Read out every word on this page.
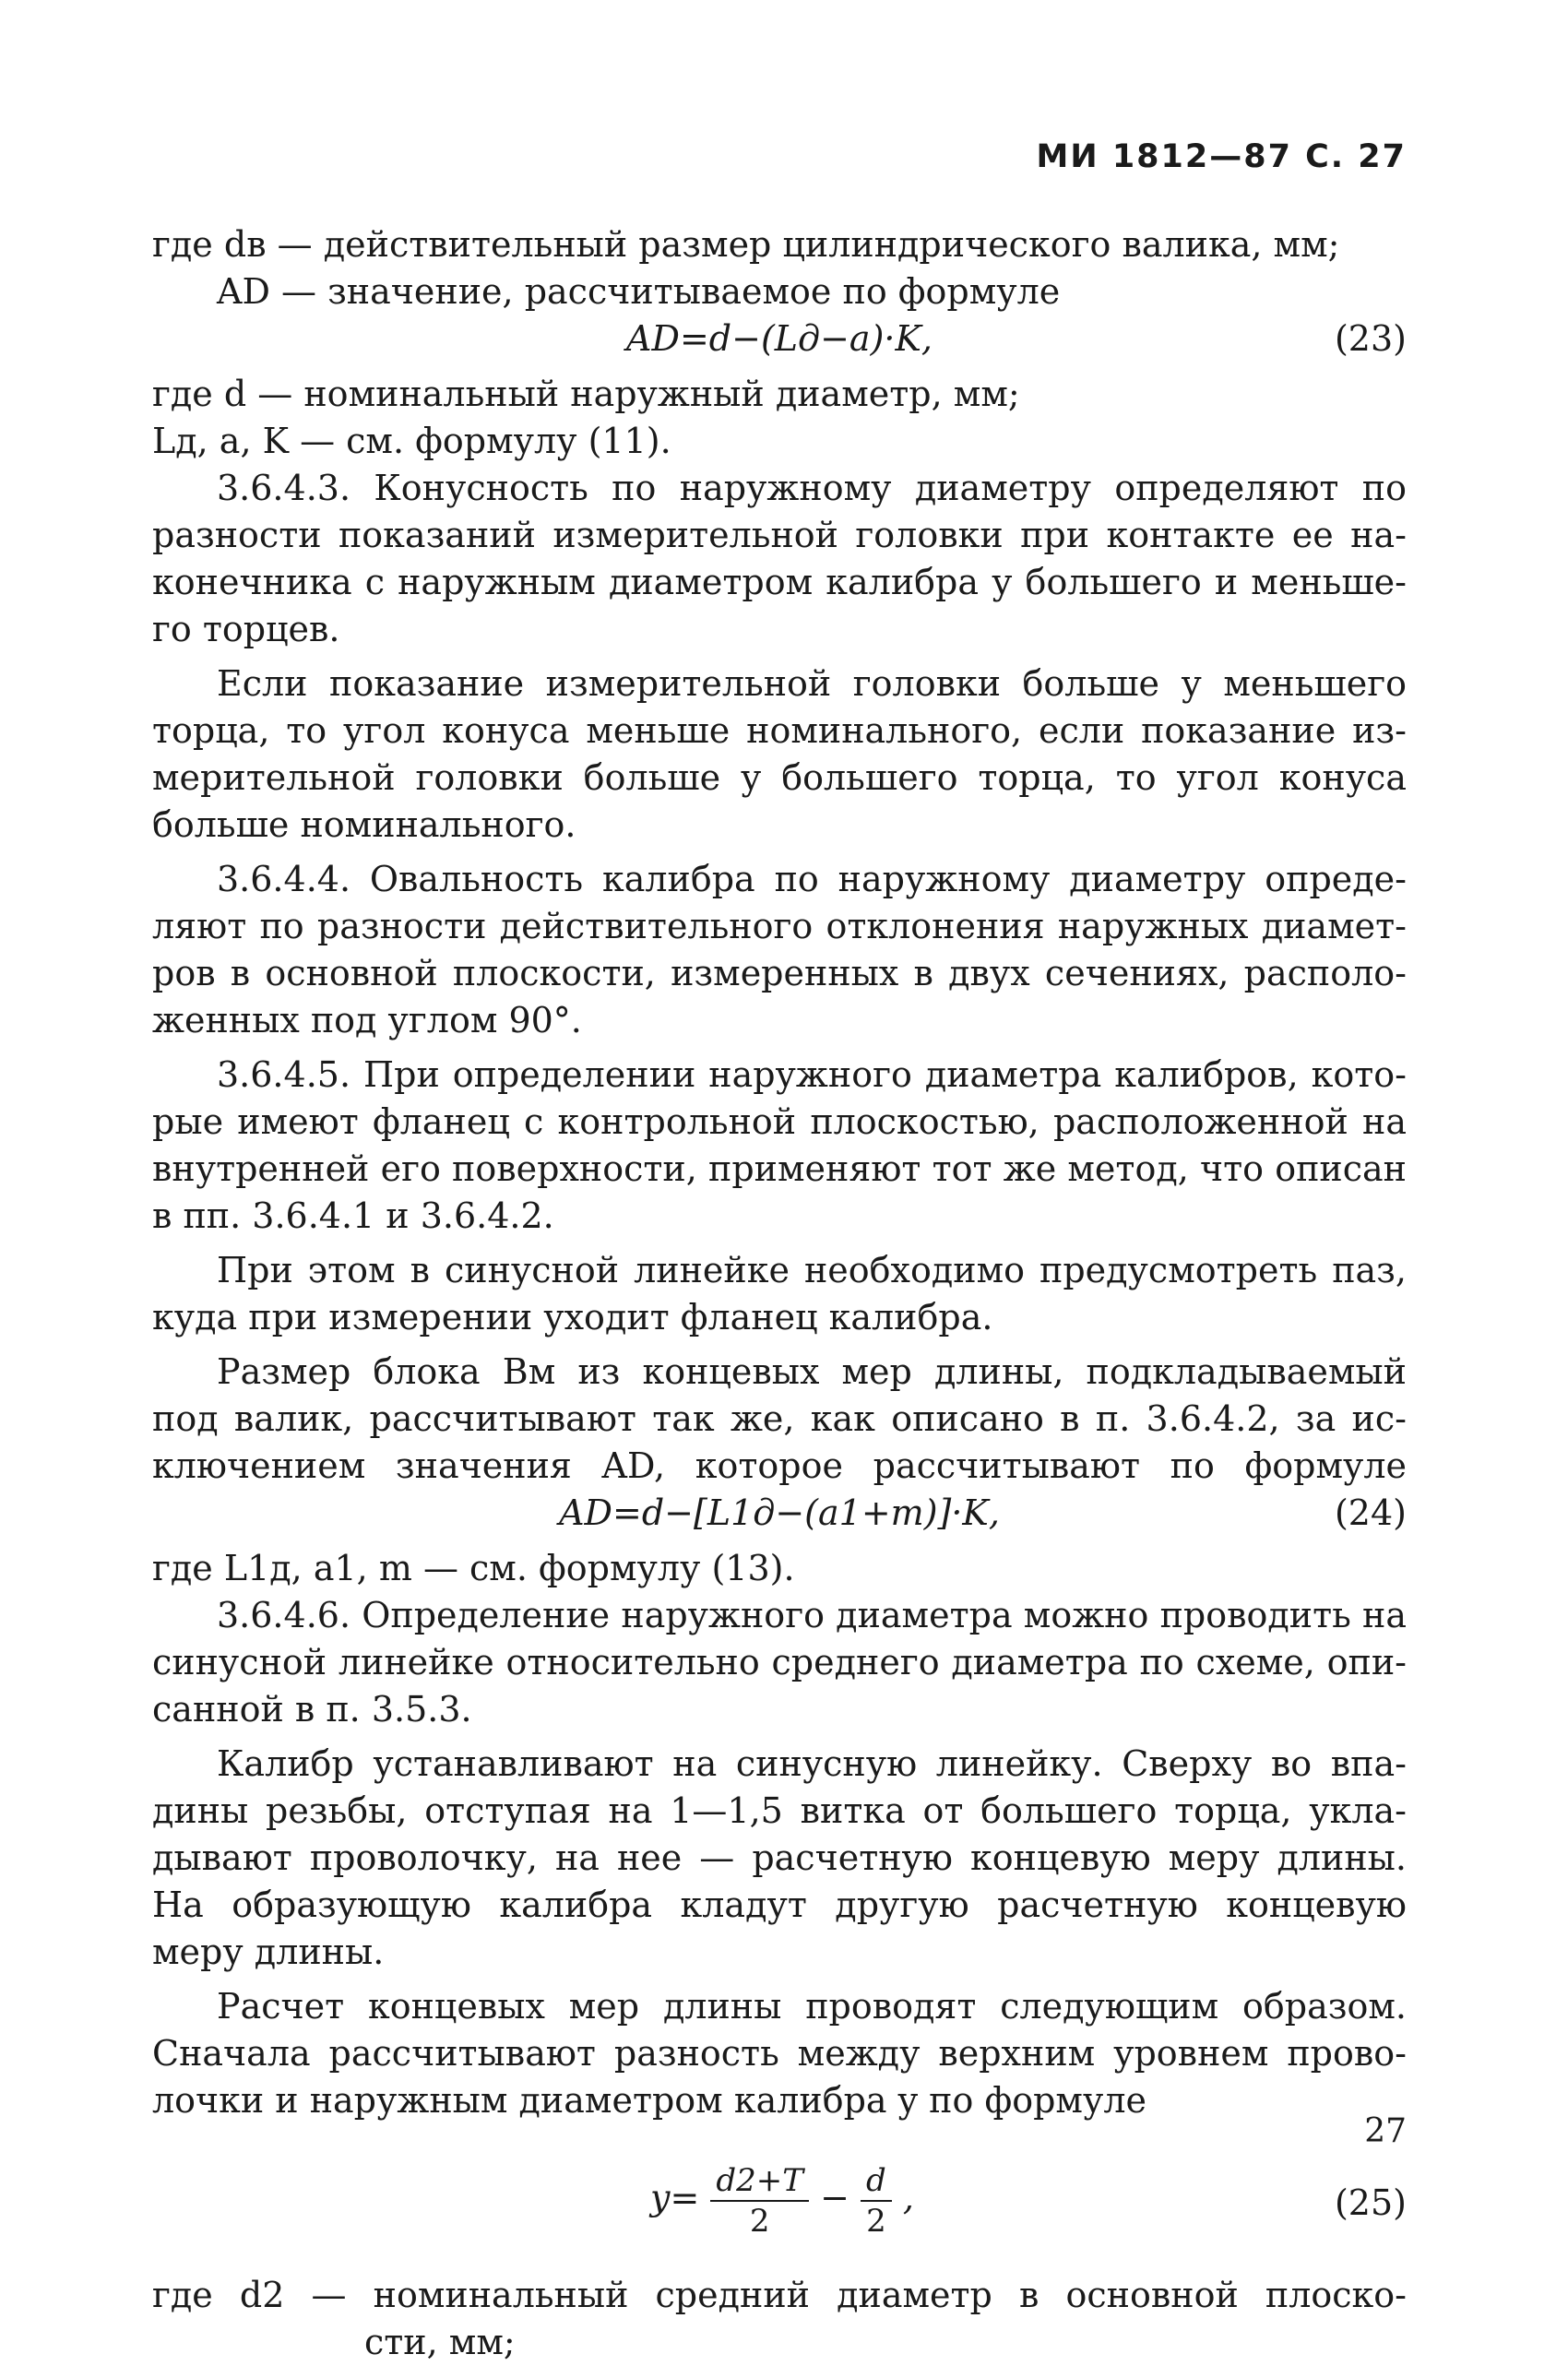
МИ 1812—87 С. 27
где dв — действительный размер цилиндрического валика, мм;
AD — значение, рассчитываемое по формуле
AD=d−(Lд−a)·K,	(23)
где d — номинальный наружный диаметр, мм;
Lд, a, K — см. формулу (11).
3.6.4.3. Конусность по наружному диаметру определяют по
разности показаний измерительной головки при контакте ее на-
конечника с наружным диаметром калибра у большего и меньше-
го торцев.
Если показание измерительной головки больше у меньшего
торца, то угол конуса меньше номинального, если показание из-
мерительной головки больше у большего торца, то угол конуса
больше номинального.
3.6.4.4. Овальность калибра по наружному диаметру опреде-
ляют по разности действительного отклонения наружных диамет-
ров в основной плоскости, измеренных в двух сечениях, располо-
женных под углом 90°.
3.6.4.5. При определении наружного диаметра калибров, кото-
рые имеют фланец с контрольной плоскостью, расположенной на
внутренней его поверхности, применяют тот же метод, что описан
в пп. 3.6.4.1 и 3.6.4.2.
При этом в синусной линейке необходимо предусмотреть паз,
куда при измерении уходит фланец калибра.
Размер блока Bм из концевых мер длины, подкладываемый
под валик, рассчитывают так же, как описано в п. 3.6.4.2, за ис-
ключением значения AD, которое рассчитывают по формуле
AD=d−[L1д−(a1+m)]·K,	(24)
где L1д, a1, m — см. формулу (13).
3.6.4.6. Определение наружного диаметра можно проводить на
синусной линейке относительно среднего диаметра по схеме, опи-
санной в п. 3.5.3.
Калибр устанавливают на синусную линейку. Сверху во впа-
дины резьбы, отступая на 1—1,5 витка от большего торца, укла-
дывают проволочку, на нее — расчетную концевую меру длины.
На образующую калибра кладут другую расчетную концевую
меру длины.
Расчет концевых мер длины проводят следующим образом.
Сначала рассчитывают разность между верхним уровнем прово-
лочки и наружным диаметром калибра y по формуле
$y= \frac{d2+T}{2} - \frac{d}{2}$ ,	(25)
где d2 — номинальный средний диаметр в основной плоско-
сти, мм;
27
